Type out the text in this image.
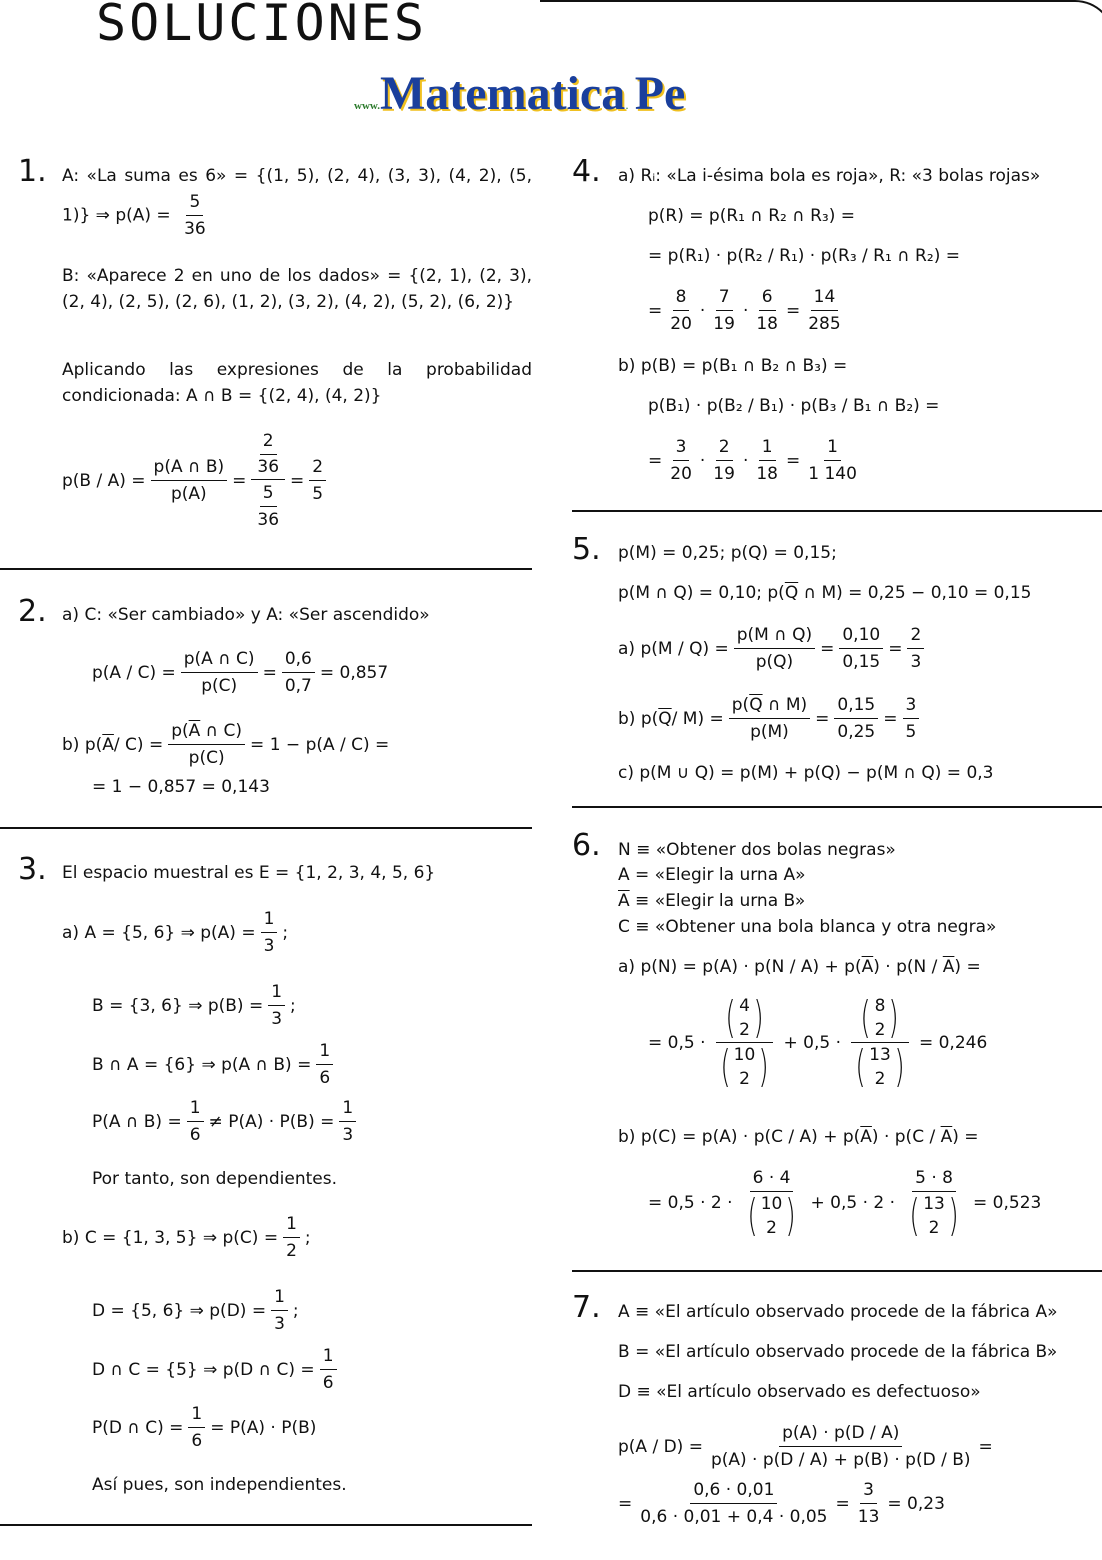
SOLUCIONES
www.Matematica. Pe
1. A: «La suma es 6» = {(1, 5), (2, 4), (3, 3), (4, 2), (5, 1)} ⇒ $p(A) = \frac{5}{36}$
B: «Aparece 2 en uno de los dados» = {(2, 1), (2, 3), (2, 4), (2, 5), (2, 6), (1, 2), (3, 2), (4, 2), (5, 2), (6, 2)}
Aplicando las expresiones de la probabilidad condicionada: A ∩ B = {(2, 4), (4, 2)}
$p(B / A) = \frac{p(A \cap B)}{p(A)} = \frac{\frac{2}{36}}{\frac{5}{36}} = \frac{2}{5}$
2. a) C: «Ser cambiado» y A: «Ser ascendido»
$p(A / C) = \frac{p(A \cap C)}{p(C)} = \frac{0,6}{0,7} = 0,857$
b) p( $\overline{A} / C) = \frac{p(\overline{A} \cap C)}{p(C)} = 1 - p(A / C)$ =
= 1 − 0,857 = 0,143
3. El espacio muestral es E = {1, 2, 3, 4, 5, 6}
a) A = {5, 6} ⇒ $p(A) = \frac{1}{3}$ ;
B = {3, 6} ⇒ $p(B) = \frac{1}{3}$ ;
B ∩ A = {6} ⇒ p(A ∩ $B) = \frac{1}{6}$
P(A ∩ $B) = \frac{1}{6} \ne P(A) \cdot P(B) = \frac{1}{3}$
Por tanto, son dependientes.
b) C = {1, 3, 5} ⇒ $p(C) = \frac{1}{2}$ ;
D = {5, 6} ⇒ $p(D) = \frac{1}{3}$ ;
D ∩ C = {5} ⇒ p(D ∩ $C) = \frac{1}{6}$
P(D ∩ $C) = \frac{1}{6} = P(A) \cdot P(B)$
Así pues, son independientes.
4. a) Rᵢ: «La i-ésima bola es roja», R: «3 bolas rojas»
p(R) = p(R₁ ∩ R₂ ∩ R₃) =
= p(R₁) · p(R₂ / R₁) · p(R₃ / R₁ ∩ R₂) =
= $\frac{8}{20} \cdot \frac{7}{19} \cdot \frac{6}{18} = \frac{14}{285}$
b) p(B) = p(B₁ ∩ B₂ ∩ B₃) =
p(B₁) · p(B₂ / B₁) · p(B₃ / B₁ ∩ B₂) =
= $\frac{3}{20} \cdot \frac{2}{19} \cdot \frac{1}{18} = \frac{1}{1 140}$
5. p(M) = 0,25; p(Q) = 0,15;
p(M ∩ Q) = 0,10; $p(\overline{Q}$ ∩ M) = 0,25 − 0,10 = 0,15
a) $p(M / Q) = \frac{p(M \cap Q)}{p(Q)} = \frac{0,10}{0,15} = \frac{2}{3}$
b) p( $\overline{Q} / M) = \frac{p(\overline{Q} \cap M)}{p(M)} = \frac{0,15}{0,25} = \frac{3}{5}$
c) p(M ∪ Q) = p(M) + p(Q) − p(M ∩ Q) = 0,3
6. N ≡ «Obtener dos bolas negras»
A = «Elegir la urna A»
$\overline{A}$ ≡ «Elegir la urna B»
C ≡ «Obtener una bola blanca y otra negra»
a) $p(N) = p(A) \cdot p(N / A) + p(\overline{A}) \cdot p(N / \overline{A})$ =
= 0,5 · ( 4
2 )
( 10
2 ) + 0,5 · ( 8
2 )
( 13
2 ) = 0,246
b) $p(C) = p(A) \cdot p(C / A) + p(\overline{A}) \cdot p(C / \overline{A})$ =
= 0,5 · 2 ·
6 · 4
( 10
2 ) + 0,5 · 2 · 5 · 8
( 13
2 ) = 0,523
7. A ≡ «El artículo observado procede de la fábrica A»
B = «El artículo observado procede de la fábrica B»
D ≡ «El artículo observado es defectuoso»
$p(A / D) = \frac{p(A) \cdot p(D / A)}{p(A) \cdot p(D / A) + p(B) \cdot p(D / B)}$ =
= $\frac{0,6 \cdot 0,01}{0,6 \cdot 0,01 + 0,4 \cdot 0,05} = \frac{3}{13} = 0,23$
